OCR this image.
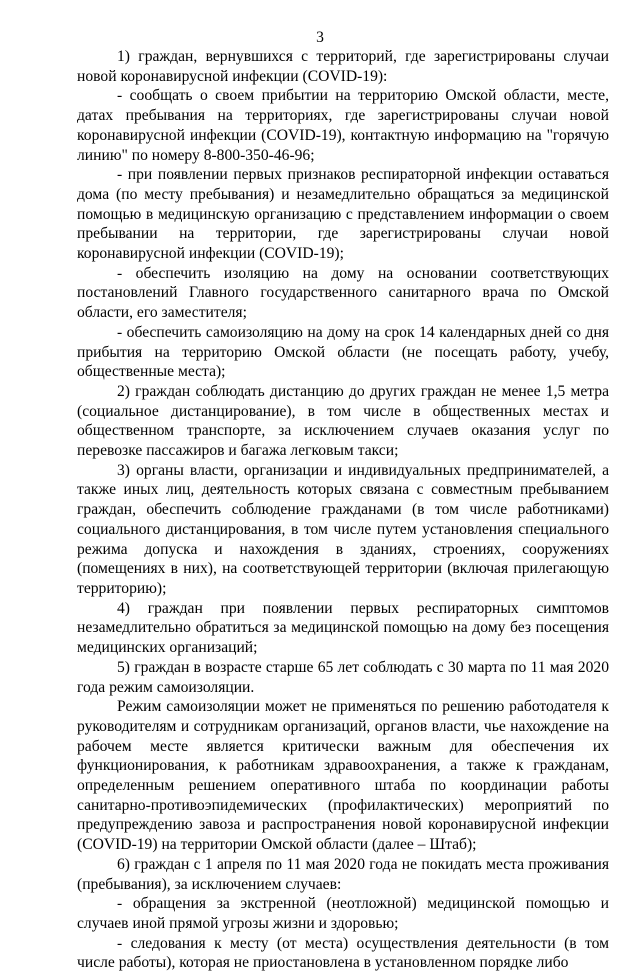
3

1) граждан, вернувшихся с территорий, где зарегистрированы случаи новой коронавирусной инфекции (COVID-19):

- сообщать о своем прибытии на территорию Омской области, месте, датах пребывания на территориях, где зарегистрированы случаи новой коронавирусной инфекции (COVID-19), контактную информацию на "горячую линию" по номеру 8-800-350-46-96;

- при появлении первых признаков респираторной инфекции оставаться дома (по месту пребывания) и незамедлительно обращаться за медицинской помощью в медицинскую организацию с представлением информации о своем пребывании на территории, где зарегистрированы случаи новой коронавирусной инфекции (COVID-19);

- обеспечить изоляцию на дому на основании соответствующих постановлений Главного государственного санитарного врача по Омской области, его заместителя;

- обеспечить самоизоляцию на дому на срок 14 календарных дней со дня прибытия на территорию Омской области (не посещать работу, учебу, общественные места);

2) граждан соблюдать дистанцию до других граждан не менее 1,5 метра (социальное дистанцирование), в том числе в общественных местах и общественном транспорте, за исключением случаев оказания услуг по перевозке пассажиров и багажа легковым такси;

3) органы власти, организации и индивидуальных предпринимателей, а также иных лиц, деятельность которых связана с совместным пребыванием граждан, обеспечить соблюдение гражданами (в том числе работниками) социального дистанцирования, в том числе путем установления специального режима допуска и нахождения в зданиях, строениях, сооружениях (помещениях в них), на соответствующей территории (включая прилегающую территорию);

4) граждан при появлении первых респираторных симптомов незамедлительно обратиться за медицинской помощью на дому без посещения медицинских организаций;

5) граждан в возрасте старше 65 лет соблюдать с 30 марта по 11 мая 2020 года режим самоизоляции.

Режим самоизоляции может не применяться по решению работодателя к руководителям и сотрудникам организаций, органов власти, чье нахождение на рабочем месте является критически важным для обеспечения их функционирования, к работникам здравоохранения, а также к гражданам, определенным решением оперативного штаба по координации работы санитарно-противоэпидемических (профилактических) мероприятий по предупреждению завоза и распространения новой коронавирусной инфекции (COVID-19) на территории Омской области (далее – Штаб);

6) граждан с 1 апреля по 11 мая 2020 года не покидать места проживания (пребывания), за исключением случаев:

- обращения за экстренной (неотложной) медицинской помощью и случаев иной прямой угрозы жизни и здоровью;

- следования к месту (от места) осуществления деятельности (в том числе работы), которая не приостановлена в установленном порядке либо
